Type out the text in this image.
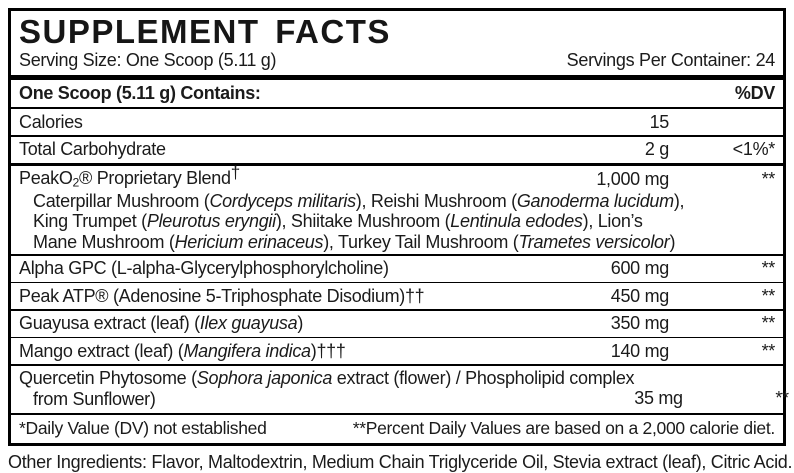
SUPPLEMENT FACTS
Serving Size: One Scoop (5.11 g)	Servings Per Container: 24
One Scoop (5.11 g) Contains:	%DV
Calories	15
Total Carbohydrate	2 g	<1%*
PeakO2® Proprietary Blend†	1,000 mg	**
Caterpillar Mushroom (Cordyceps militaris), Reishi Mushroom (Ganoderma lucidum),
King Trumpet (Pleurotus eryngii), Shiitake Mushroom (Lentinula edodes), Lion’s
Mane Mushroom (Hericium erinaceus), Turkey Tail Mushroom (Trametes versicolor)
Alpha GPC (L-alpha-Glycerylphosphorylcholine)	600 mg	**
Peak ATP® (Adenosine 5-Triphosphate Disodium)††	450 mg	**
Guayusa extract (leaf) (Ilex guayusa)	350 mg	**
Mango extract (leaf) (Mangifera indica)†††	140 mg	**
Quercetin Phytosome (Sophora japonica extract (flower) / Phospholipid complex
from Sunflower)	35 mg	**
*Daily Value (DV) not established	**Percent Daily Values are based on a 2,000 calorie diet.

Other Ingredients: Flavor, Maltodextrin, Medium Chain Triglyceride Oil, Stevia extract (leaf), Citric Acid.
